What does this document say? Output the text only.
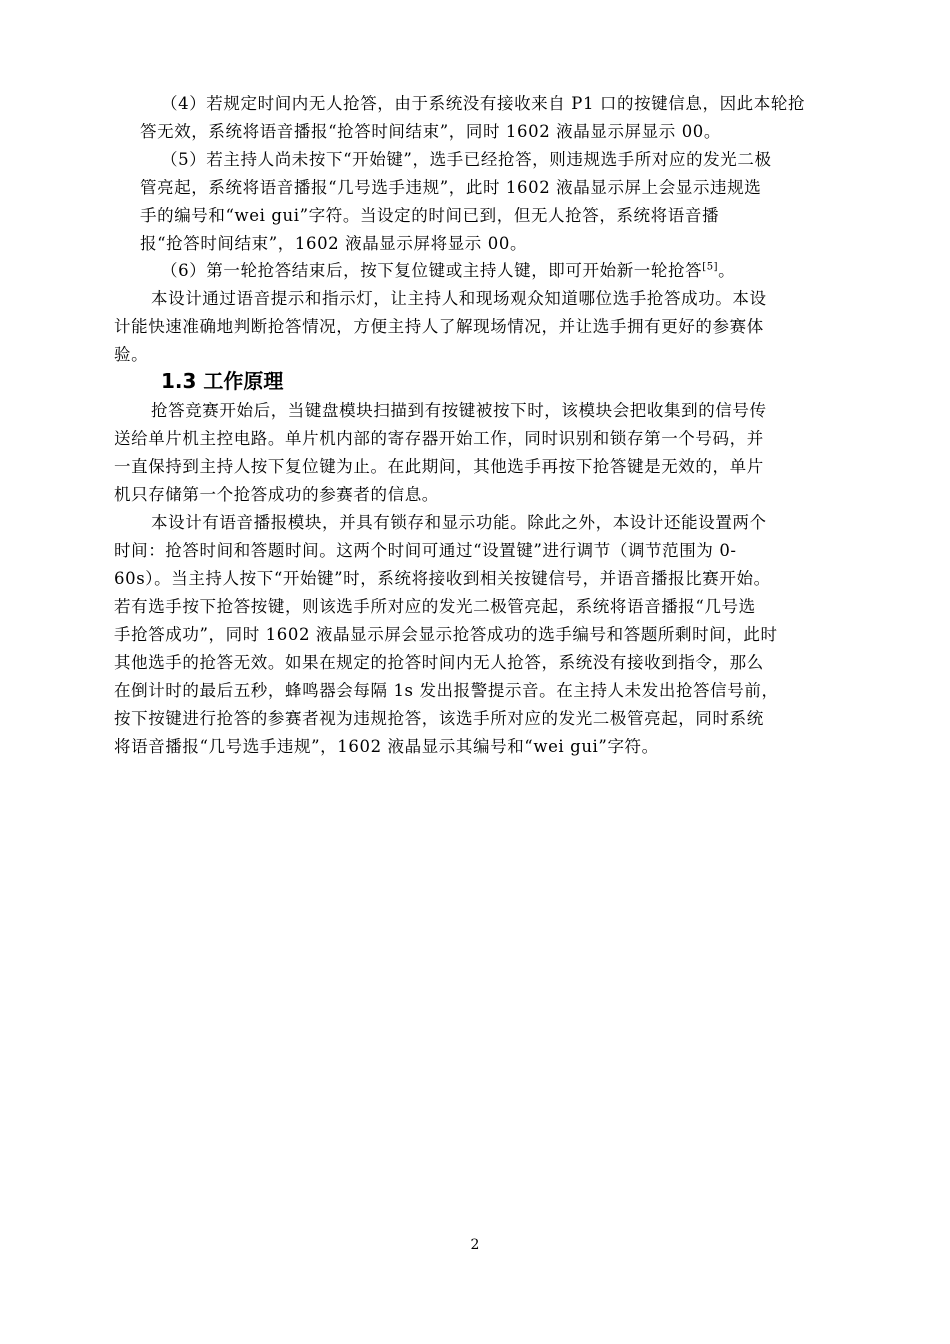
（4）若规定时间内无人抢答，由于系统没有接收来自 P1 口的按键信息，因此本轮抢
答无效，系统将语音播报“抢答时间结束”，同时 1602 液晶显示屏显示 00。
（5）若主持人尚未按下“开始键”，选手已经抢答，则违规选手所对应的发光二极
管亮起，系统将语音播报“几号选手违规”，此时 1602 液晶显示屏上会显示违规选
手的编号和“wei gui”字符。当设定的时间已到，但无人抢答，系统将语音播
报“抢答时间结束”，1602 液晶显示屏将显示 00。
（6）第一轮抢答结束后，按下复位键或主持人键，即可开始新一轮抢答[5]。
本设计通过语音提示和指示灯，让主持人和现场观众知道哪位选手抢答成功。本设
计能快速准确地判断抢答情况，方便主持人了解现场情况，并让选手拥有更好的参赛体
验。
1.3 工作原理
抢答竞赛开始后，当键盘模块扫描到有按键被按下时，该模块会把收集到的信号传
送给单片机主控电路。单片机内部的寄存器开始工作，同时识别和锁存第一个号码，并
一直保持到主持人按下复位键为止。在此期间，其他选手再按下抢答键是无效的，单片
机只存储第一个抢答成功的参赛者的信息。
本设计有语音播报模块，并具有锁存和显示功能。除此之外，本设计还能设置两个
时间：抢答时间和答题时间。这两个时间可通过“设置键”进行调节（调节范围为 0-
60s）。当主持人按下“开始键”时，系统将接收到相关按键信号，并语音播报比赛开始。
若有选手按下抢答按键，则该选手所对应的发光二极管亮起，系统将语音播报“几号选
手抢答成功”，同时 1602 液晶显示屏会显示抢答成功的选手编号和答题所剩时间，此时
其他选手的抢答无效。如果在规定的抢答时间内无人抢答，系统没有接收到指令，那么
在倒计时的最后五秒，蜂鸣器会每隔 1s 发出报警提示音。在主持人未发出抢答信号前，
按下按键进行抢答的参赛者视为违规抢答，该选手所对应的发光二极管亮起，同时系统
将语音播报“几号选手违规”，1602 液晶显示其编号和“wei gui”字符。
2
